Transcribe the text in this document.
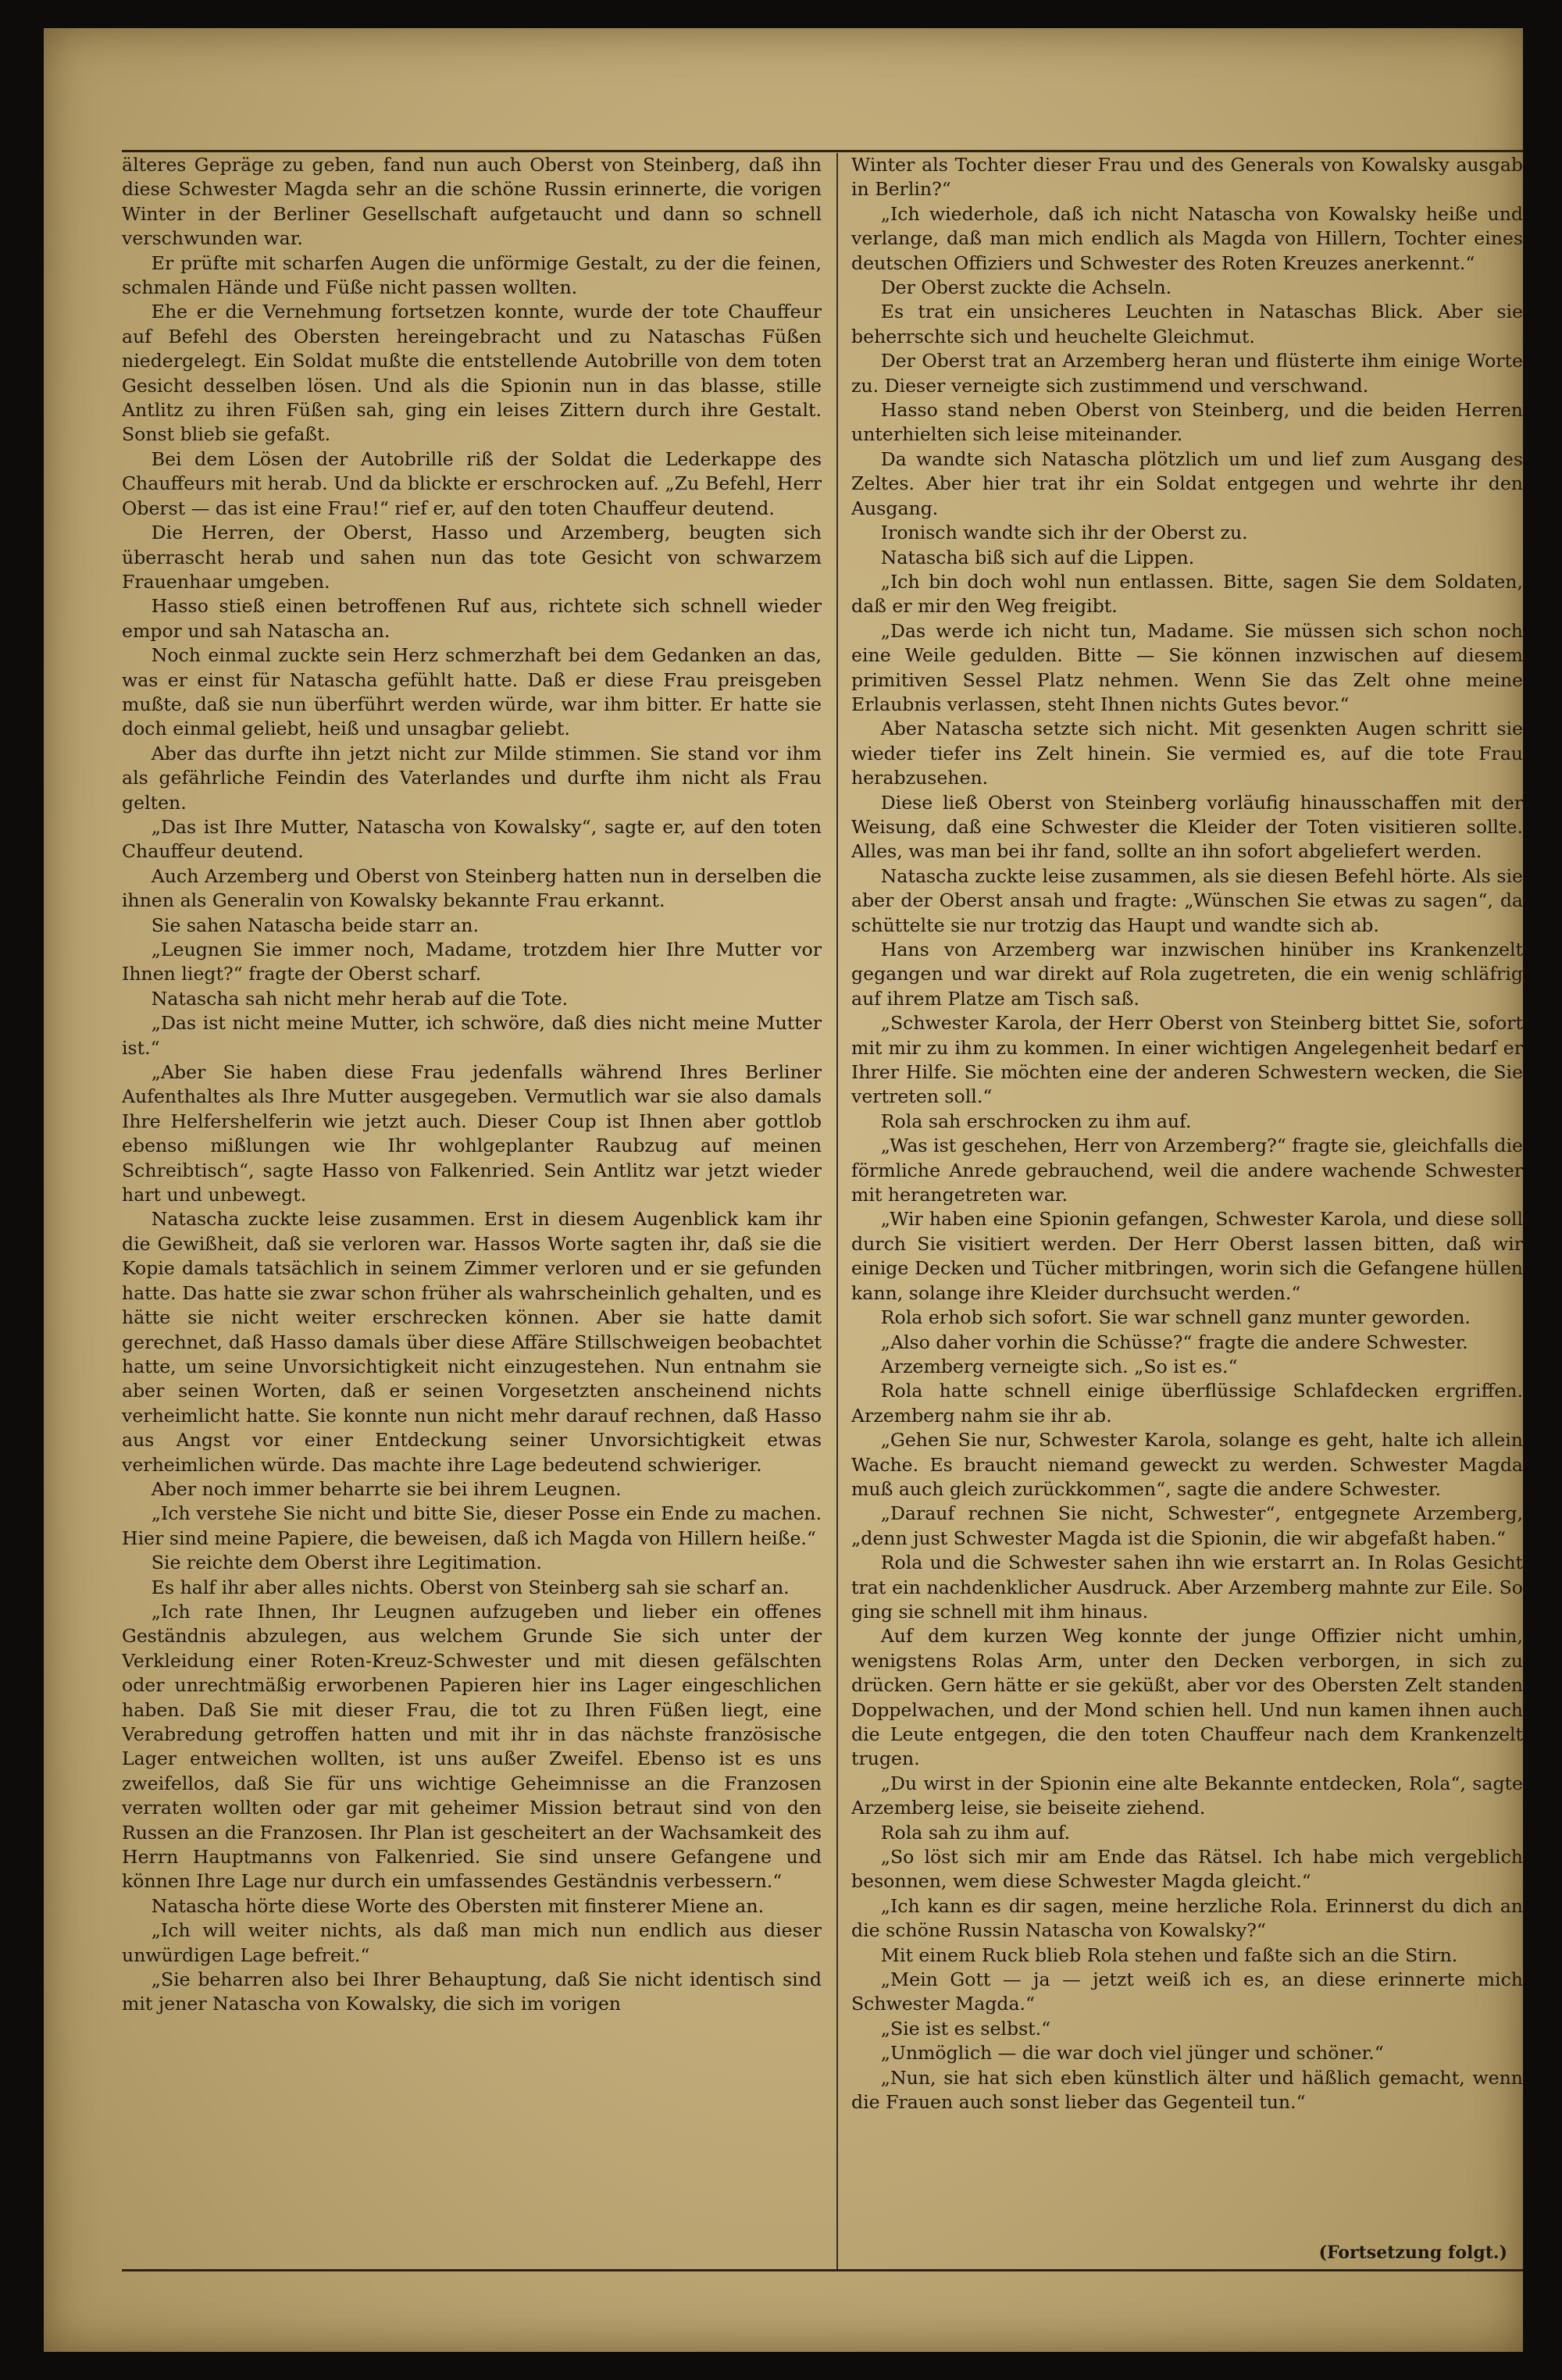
älteres Gepräge zu geben, fand nun auch Oberst von Steinberg, daß ihn diese Schwester Magda sehr an die schöne Russin erinnerte, die vorigen Winter in der Berliner Gesellschaft aufgetaucht und dann so schnell verschwunden war.

Er prüfte mit scharfen Augen die unförmige Gestalt, zu der die feinen, schmalen Hände und Füße nicht passen wollten.

Ehe er die Vernehmung fortsetzen konnte, wurde der tote Chauffeur auf Befehl des Obersten hereingebracht und zu Nataschas Füßen niedergelegt. Ein Soldat mußte die entstellende Autobrille von dem toten Gesicht desselben lösen. Und als die Spionin nun in das blasse, stille Antlitz zu ihren Füßen sah, ging ein leises Zittern durch ihre Gestalt. Sonst blieb sie gefaßt.

Bei dem Lösen der Autobrille riß der Soldat die Lederkappe des Chauffeurs mit herab. Und da blickte er erschrocken auf. „Zu Befehl, Herr Oberst — das ist eine Frau!“ rief er, auf den toten Chauffeur deutend.

Die Herren, der Oberst, Hasso und Arzemberg, beugten sich überrascht herab und sahen nun das tote Gesicht von schwarzem Frauenhaar umgeben.

Hasso stieß einen betroffenen Ruf aus, richtete sich schnell wieder empor und sah Natascha an.

Noch einmal zuckte sein Herz schmerzhaft bei dem Gedanken an das, was er einst für Natascha gefühlt hatte. Daß er diese Frau preisgeben mußte, daß sie nun überführt werden würde, war ihm bitter. Er hatte sie doch einmal geliebt, heiß und unsagbar geliebt.

Aber das durfte ihn jetzt nicht zur Milde stimmen. Sie stand vor ihm als gefährliche Feindin des Vaterlandes und durfte ihm nicht als Frau gelten.

„Das ist Ihre Mutter, Natascha von Kowalsky“, sagte er, auf den toten Chauffeur deutend.

Auch Arzemberg und Oberst von Steinberg hatten nun in derselben die ihnen als Generalin von Kowalsky bekannte Frau erkannt.

Sie sahen Natascha beide starr an.

„Leugnen Sie immer noch, Madame, trotzdem hier Ihre Mutter vor Ihnen liegt?“ fragte der Oberst scharf.

Natascha sah nicht mehr herab auf die Tote.

„Das ist nicht meine Mutter, ich schwöre, daß dies nicht meine Mutter ist.“

„Aber Sie haben diese Frau jedenfalls während Ihres Berliner Aufenthaltes als Ihre Mutter ausgegeben. Vermutlich war sie also damals Ihre Helfershelferin wie jetzt auch. Dieser Coup ist Ihnen aber gottlob ebenso mißlungen wie Ihr wohlgeplanter Raubzug auf meinen Schreibtisch“, sagte Hasso von Falkenried. Sein Antlitz war jetzt wieder hart und unbewegt.

Natascha zuckte leise zusammen. Erst in diesem Augenblick kam ihr die Gewißheit, daß sie verloren war. Hassos Worte sagten ihr, daß sie die Kopie damals tatsächlich in seinem Zimmer verloren und er sie gefunden hatte. Das hatte sie zwar schon früher als wahrscheinlich gehalten, und es hätte sie nicht weiter erschrecken können. Aber sie hatte damit gerechnet, daß Hasso damals über diese Affäre Stillschweigen beobachtet hatte, um seine Unvorsichtigkeit nicht einzugestehen. Nun entnahm sie aber seinen Worten, daß er seinen Vorgesetzten anscheinend nichts verheimlicht hatte. Sie konnte nun nicht mehr darauf rechnen, daß Hasso aus Angst vor einer Entdeckung seiner Unvorsichtigkeit etwas verheimlichen würde. Das machte ihre Lage bedeutend schwieriger.

Aber noch immer beharrte sie bei ihrem Leugnen.

„Ich verstehe Sie nicht und bitte Sie, dieser Posse ein Ende zu machen. Hier sind meine Papiere, die beweisen, daß ich Magda von Hillern heiße.“

Sie reichte dem Oberst ihre Legitimation.

Es half ihr aber alles nichts. Oberst von Steinberg sah sie scharf an.

„Ich rate Ihnen, Ihr Leugnen aufzugeben und lieber ein offenes Geständnis abzulegen, aus welchem Grunde Sie sich unter der Verkleidung einer Roten-Kreuz-Schwester und mit diesen gefälschten oder unrechtmäßig erworbenen Papieren hier ins Lager eingeschlichen haben. Daß Sie mit dieser Frau, die tot zu Ihren Füßen liegt, eine Verabredung getroffen hatten und mit ihr in das nächste französische Lager entweichen wollten, ist uns außer Zweifel. Ebenso ist es uns zweifellos, daß Sie für uns wichtige Geheimnisse an die Franzosen verraten wollten oder gar mit geheimer Mission betraut sind von den Russen an die Franzosen. Ihr Plan ist gescheitert an der Wachsamkeit des Herrn Hauptmanns von Falkenried. Sie sind unsere Gefangene und können Ihre Lage nur durch ein umfassendes Geständnis verbessern.“

Natascha hörte diese Worte des Obersten mit finsterer Miene an.

„Ich will weiter nichts, als daß man mich nun endlich aus dieser unwürdigen Lage befreit.“

„Sie beharren also bei Ihrer Behauptung, daß Sie nicht identisch sind mit jener Natascha von Kowalsky, die sich im vorigen

Winter als Tochter dieser Frau und des Generals von Kowalsky ausgab in Berlin?“

„Ich wiederhole, daß ich nicht Natascha von Kowalsky heiße und verlange, daß man mich endlich als Magda von Hillern, Tochter eines deutschen Offiziers und Schwester des Roten Kreuzes anerkennt.“

Der Oberst zuckte die Achseln.

Es trat ein unsicheres Leuchten in Nataschas Blick. Aber sie beherrschte sich und heuchelte Gleichmut.

Der Oberst trat an Arzemberg heran und flüsterte ihm einige Worte zu. Dieser verneigte sich zustimmend und verschwand.

Hasso stand neben Oberst von Steinberg, und die beiden Herren unterhielten sich leise miteinander.

Da wandte sich Natascha plötzlich um und lief zum Ausgang des Zeltes. Aber hier trat ihr ein Soldat entgegen und wehrte ihr den Ausgang.

Ironisch wandte sich ihr der Oberst zu.

Natascha biß sich auf die Lippen.

„Ich bin doch wohl nun entlassen. Bitte, sagen Sie dem Soldaten, daß er mir den Weg freigibt.

„Das werde ich nicht tun, Madame. Sie müssen sich schon noch eine Weile gedulden. Bitte — Sie können inzwischen auf diesem primitiven Sessel Platz nehmen. Wenn Sie das Zelt ohne meine Erlaubnis verlassen, steht Ihnen nichts Gutes bevor.“

Aber Natascha setzte sich nicht. Mit gesenkten Augen schritt sie wieder tiefer ins Zelt hinein. Sie vermied es, auf die tote Frau herabzusehen.

Diese ließ Oberst von Steinberg vorläufig hinausschaffen mit der Weisung, daß eine Schwester die Kleider der Toten visitieren sollte. Alles, was man bei ihr fand, sollte an ihn sofort abgeliefert werden.

Natascha zuckte leise zusammen, als sie diesen Befehl hörte. Als sie aber der Oberst ansah und fragte: „Wünschen Sie etwas zu sagen“, da schüttelte sie nur trotzig das Haupt und wandte sich ab.

Hans von Arzemberg war inzwischen hinüber ins Krankenzelt gegangen und war direkt auf Rola zugetreten, die ein wenig schläfrig auf ihrem Platze am Tisch saß.

„Schwester Karola, der Herr Oberst von Steinberg bittet Sie, sofort mit mir zu ihm zu kommen. In einer wichtigen Angelegenheit bedarf er Ihrer Hilfe. Sie möchten eine der anderen Schwestern wecken, die Sie vertreten soll.“

Rola sah erschrocken zu ihm auf.

„Was ist geschehen, Herr von Arzemberg?“ fragte sie, gleichfalls die förmliche Anrede gebrauchend, weil die andere wachende Schwester mit herangetreten war.

„Wir haben eine Spionin gefangen, Schwester Karola, und diese soll durch Sie visitiert werden. Der Herr Oberst lassen bitten, daß wir einige Decken und Tücher mitbringen, worin sich die Gefangene hüllen kann, solange ihre Kleider durchsucht werden.“

Rola erhob sich sofort. Sie war schnell ganz munter geworden.

„Also daher vorhin die Schüsse?“ fragte die andere Schwester.

Arzemberg verneigte sich. „So ist es.“

Rola hatte schnell einige überflüssige Schlafdecken ergriffen. Arzemberg nahm sie ihr ab.

„Gehen Sie nur, Schwester Karola, solange es geht, halte ich allein Wache. Es braucht niemand geweckt zu werden. Schwester Magda muß auch gleich zurückkommen“, sagte die andere Schwester.

„Darauf rechnen Sie nicht, Schwester“, entgegnete Arzemberg, „denn just Schwester Magda ist die Spionin, die wir abgefaßt haben.“

Rola und die Schwester sahen ihn wie erstarrt an. In Rolas Gesicht trat ein nachdenklicher Ausdruck. Aber Arzemberg mahnte zur Eile. So ging sie schnell mit ihm hinaus.

Auf dem kurzen Weg konnte der junge Offizier nicht umhin, wenigstens Rolas Arm, unter den Decken verborgen, in sich zu drücken. Gern hätte er sie geküßt, aber vor des Obersten Zelt standen Doppelwachen, und der Mond schien hell. Und nun kamen ihnen auch die Leute entgegen, die den toten Chauffeur nach dem Krankenzelt trugen.

„Du wirst in der Spionin eine alte Bekannte entdecken, Rola“, sagte Arzemberg leise, sie beiseite ziehend.

Rola sah zu ihm auf.

„So löst sich mir am Ende das Rätsel. Ich habe mich vergeblich besonnen, wem diese Schwester Magda gleicht.“

„Ich kann es dir sagen, meine herzliche Rola. Erinnerst du dich an die schöne Russin Natascha von Kowalsky?“

Mit einem Ruck blieb Rola stehen und faßte sich an die Stirn.

„Mein Gott — ja — jetzt weiß ich es, an diese erinnerte mich Schwester Magda.“

„Sie ist es selbst.“

„Unmöglich — die war doch viel jünger und schöner.“

„Nun, sie hat sich eben künstlich älter und häßlich gemacht, wenn die Frauen auch sonst lieber das Gegenteil tun.“

(Fortsetzung folgt.)
